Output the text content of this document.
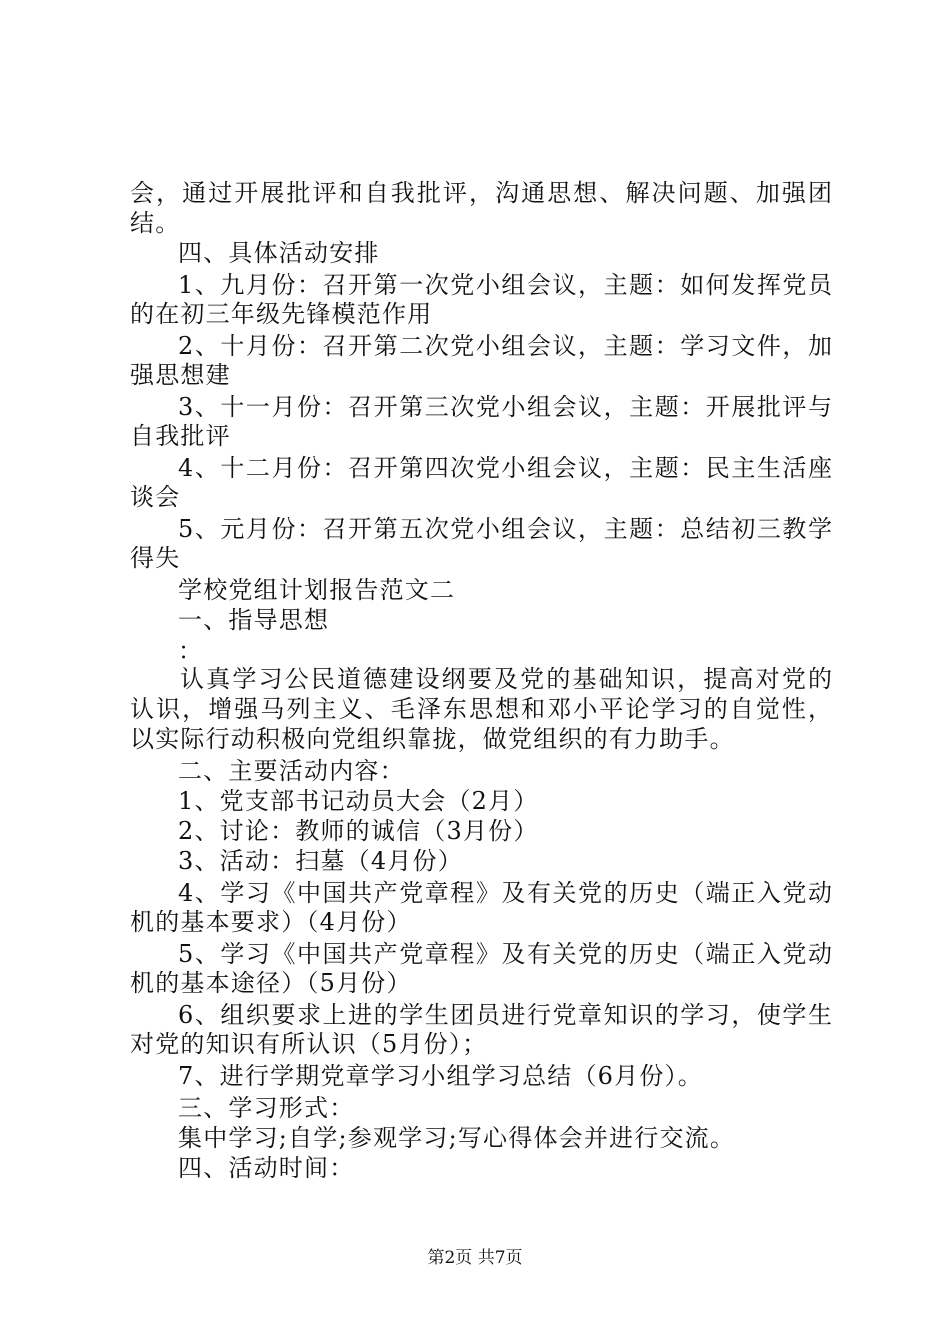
会，通过开展批评和自我批评，沟通思想、解决问题、加强团
结。
四、具体活动安排
1、九月份：召开第一次党小组会议，主题：如何发挥党员
的在初三年级先锋模范作用
2、十月份：召开第二次党小组会议，主题：学习文件，加
强思想建
3、十一月份：召开第三次党小组会议，主题：开展批评与
自我批评
4、十二月份：召开第四次党小组会议，主题：民主生活座
谈会
5、元月份：召开第五次党小组会议，主题：总结初三教学
得失
学校党组计划报告范文二
一、指导思想
：
认真学习公民道德建设纲要及党的基础知识，提高对党的
认识，增强马列主义、毛泽东思想和邓小平论学习的自觉性，
以实际行动积极向党组织靠拢，做党组织的有力助手。
二、主要活动内容：
1、党支部书记动员大会（2月）
2、讨论：教师的诚信（3月份）
3、活动：扫墓（4月份）
4、学习《中国共产党章程》及有关党的历史（端正入党动
机的基本要求）（4月份）
5、学习《中国共产党章程》及有关党的历史（端正入党动
机的基本途径）（5月份）
6、组织要求上进的学生团员进行党章知识的学习，使学生
对党的知识有所认识（5月份）；
7、进行学期党章学习小组学习总结（6月份）。
三、学习形式：
集中学习;自学;参观学习;写心得体会并进行交流。
四、活动时间：
第2页 共7页
